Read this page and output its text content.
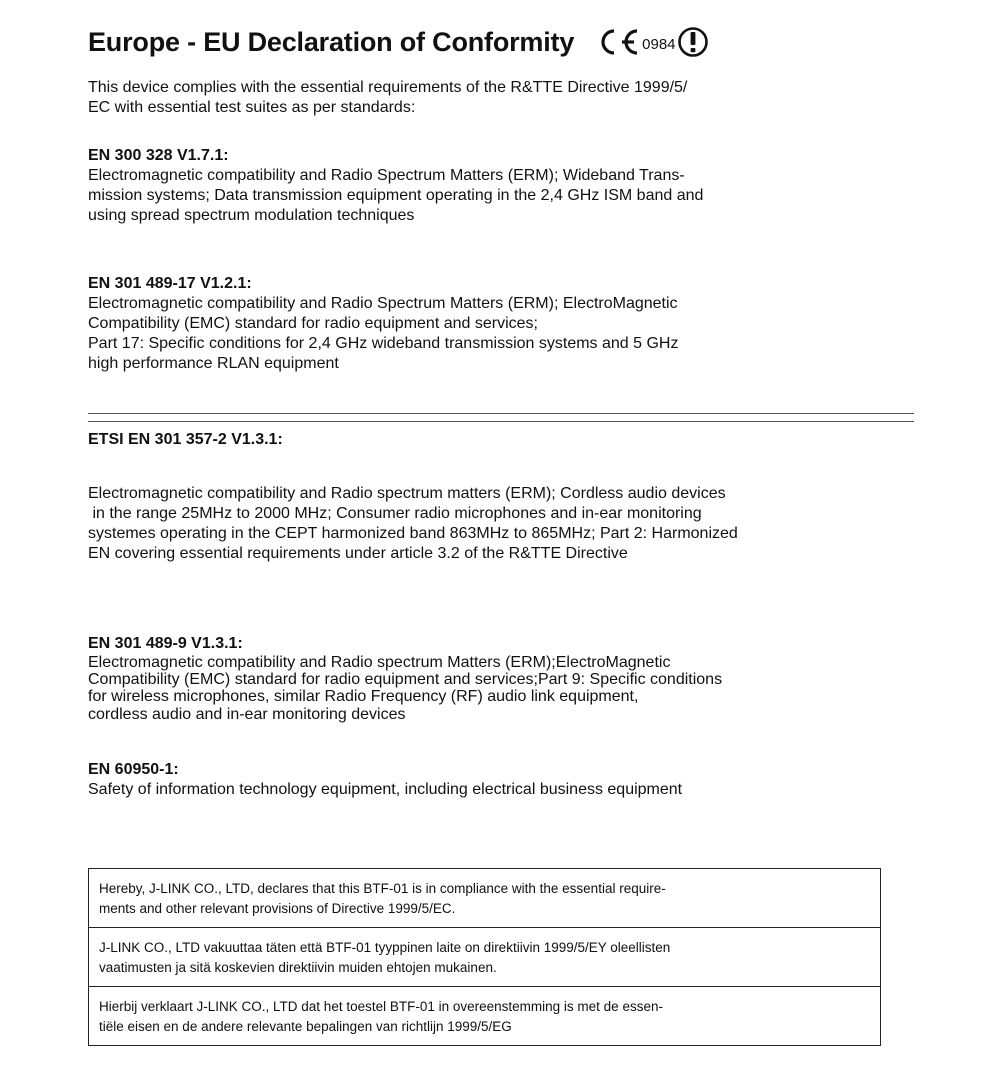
Europe - EU Declaration of Conformity	0984

This device complies with the essential requirements of the R&TTE Directive 1999/5/

EC with essential test suites as per standards:

EN 300 328 V1.7.1:

Electromagnetic compatibility and Radio Spectrum Matters (ERM); Wideband Trans-

mission systems; Data transmission equipment operating in the 2,4 GHz ISM band and

using spread spectrum modulation techniques

EN 301 489-17 V1.2.1:

Electromagnetic compatibility and Radio Spectrum Matters (ERM); ElectroMagnetic

Compatibility (EMC) standard for radio equipment and services;

Part 17: Specific conditions for 2,4 GHz wideband transmission systems and 5 GHz

high performance RLAN equipment

ETSI EN 301 357-2 V1.3.1:

Electromagnetic compatibility and Radio spectrum matters (ERM); Cordless audio devices

in the range 25MHz to 2000 MHz; Consumer radio microphones and in-ear monitoring

systemes operating in the CEPT harmonized band 863MHz to 865MHz; Part 2: Harmonized

EN covering essential requirements under article 3.2 of the R&TTE Directive

EN 301 489-9 V1.3.1:

Electromagnetic compatibility and Radio spectrum Matters (ERM);ElectroMagnetic

Compatibility (EMC) standard for radio equipment and services;Part 9: Specific conditions

for wireless microphones, similar Radio Frequency (RF) audio link equipment,

cordless audio and in-ear monitoring devices

EN 60950-1:

Safety of information technology equipment, including electrical business equipment

Hereby, J-LINK CO., LTD, declares that this BTF-01 is in compliance with the essential require-
ments and other relevant provisions of Directive 1999/5/EC.

J-LINK CO., LTD vakuuttaa täten että BTF-01 tyyppinen laite on direktiivin 1999/5/EY oleellisten
vaatimusten ja sitä koskevien direktiivin muiden ehtojen mukainen.

Hierbij verklaart J-LINK CO., LTD dat het toestel BTF-01 in overeenstemming is met de essen-
tiële eisen en de andere relevante bepalingen van richtlijn 1999/5/EG
